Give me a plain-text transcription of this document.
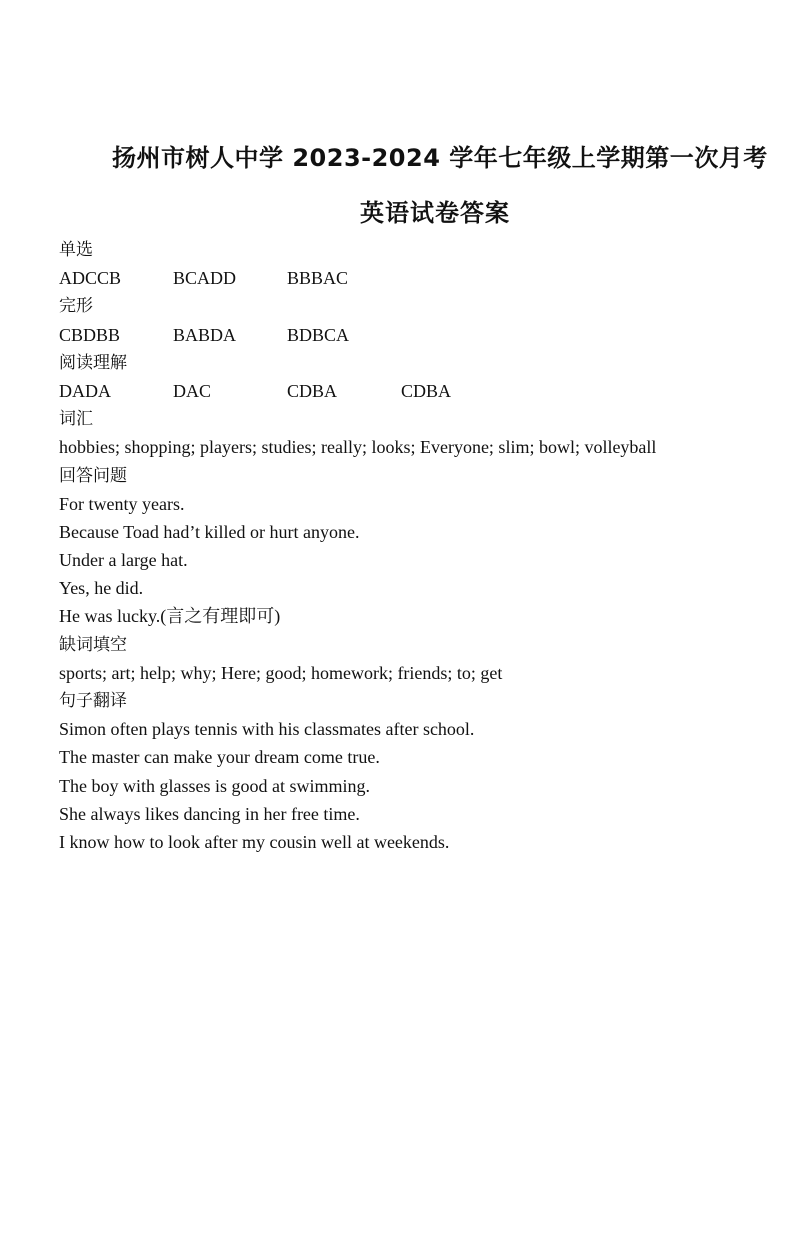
扬州市树人中学 2023-2024 学年七年级上学期第一次月考
英语试卷答案
单选
ADCCB	BCADD	BBBAC
完形
CBDBB	BABDA	BDBCA
阅读理解
DADA	DAC	CDBA	CDBA
词汇
hobbies; shopping; players; studies; really; looks; Everyone; slim; bowl; volleyball
回答问题
For twenty years.
Because Toad had’t killed or hurt anyone.
Under a large hat.
Yes, he did.
He was lucky.(言之有理即可)
缺词填空
sports; art; help; why; Here; good; homework; friends; to; get
句子翻译
Simon often plays tennis with his classmates after school.
The master can make your dream come true.
The boy with glasses is good at swimming.
She always likes dancing in her free time.
I know how to look after my cousin well at weekends.
